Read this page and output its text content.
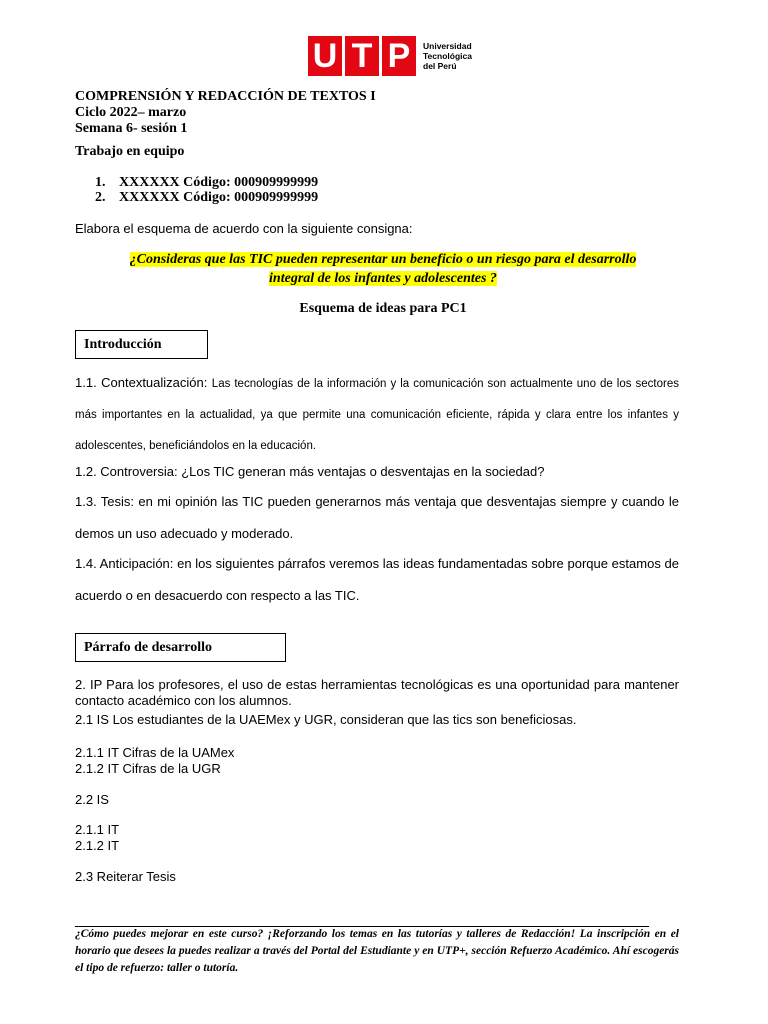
U T P	Universidad
Tecnológica
del Perú
COMPRENSIÓN Y REDACCIÓN DE TEXTOS I
Ciclo 2022– marzo
Semana 6- sesión 1
Trabajo en equipo
1. XXXXXX Código: 000909999999
2. XXXXXX Código: 000909999999
Elabora el esquema de acuerdo con la siguiente consigna:
¿Consideras que las TIC pueden representar un beneficio o un riesgo para el desarrollo
integral de los infantes y adolescentes ?
Esquema de ideas para PC1
Introducción
1.1. Contextualización: Las tecnologías de la información y la comunicación son actualmente uno de los sectores más importantes en la actualidad, ya que permite una comunicación eficiente, rápida y clara entre los infantes y adolescentes, beneficiándolos en la educación.
1.2. Controversia: ¿Los TIC generan más ventajas o desventajas en la sociedad?
1.3. Tesis: en mi opinión las TIC pueden generarnos más ventaja que desventajas siempre y cuando le demos un uso adecuado y moderado.
1.4. Anticipación: en los siguientes párrafos veremos las ideas fundamentadas sobre porque estamos de acuerdo o en desacuerdo con respecto a las TIC.
Párrafo de desarrollo
2. IP Para los profesores, el uso de estas herramientas tecnológicas es una oportunidad para mantener contacto académico con los alumnos.
2.1 IS Los estudiantes de la UAEMex y UGR, consideran que las tics son beneficiosas.
2.1.1 IT Cifras de la UAMex
2.1.2 IT Cifras de la UGR
2.2 IS
2.1.1 IT
2.1.2 IT
2.3 Reiterar Tesis
¿Cómo puedes mejorar en este curso? ¡Reforzando los temas en las tutorías y talleres de Redacción! La inscripción en el horario que desees la puedes realizar a través del Portal del Estudiante y en UTP+, sección Refuerzo Académico. Ahí escogerás el tipo de refuerzo: taller o tutoría.
